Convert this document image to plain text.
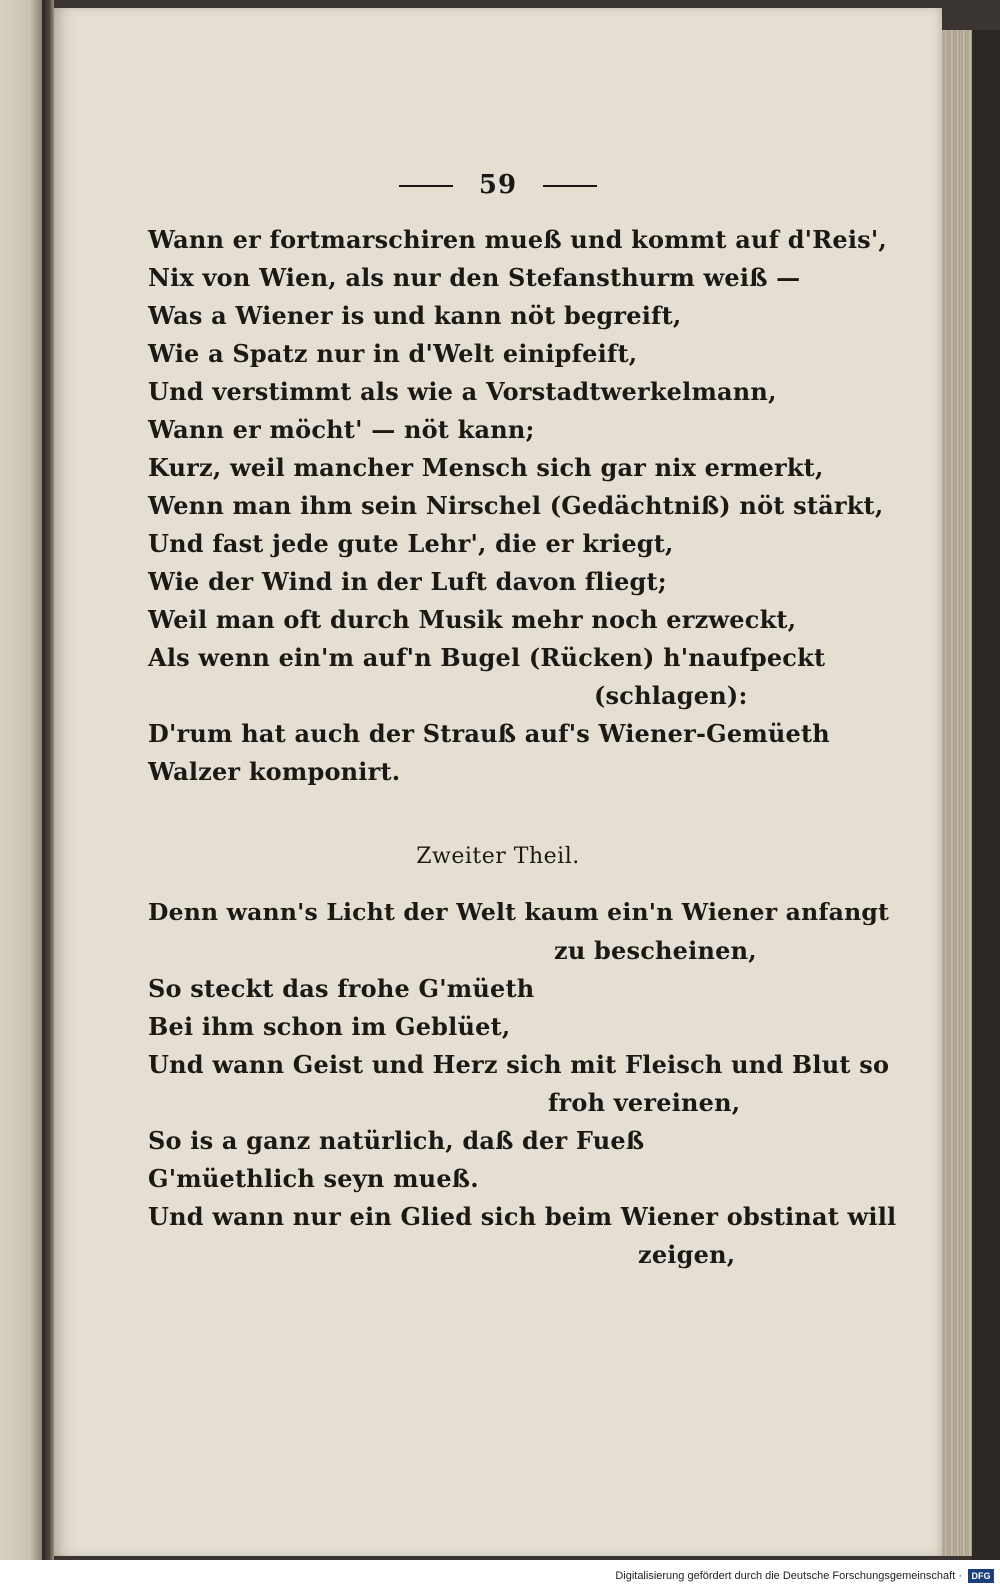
59
Wann er fortmarschiren mueß und kommt auf d'Reis',
Nix von Wien, als nur den Stefansthurm weiß —
Was a Wiener is und kann nöt begreift,
Wie a Spatz nur in d'Welt einipfeift,
Und verstimmt als wie a Vorstadtwerkelmann,
Wann er möcht' — nöt kann;
Kurz, weil mancher Mensch sich gar nix ermerkt,
Wenn man ihm sein Nirschel (Gedächtniß) nöt stärkt,
Und fast jede gute Lehr', die er kriegt,
Wie der Wind in der Luft davon fliegt;
Weil man oft durch Musik mehr noch erzweckt,
Als wenn ein'm auf'n Bugel (Rücken) h'naufpeckt
(schlagen):
D'rum hat auch der Strauß auf's Wiener-Gemüeth
Walzer komponirt.
Zweiter Theil.
Denn wann's Licht der Welt kaum ein'n Wiener anfangt
zu bescheinen,
So steckt das frohe G'müeth
Bei ihm schon im Geblüet,
Und wann Geist und Herz sich mit Fleisch und Blut so
froh vereinen,
So is a ganz natürlich, daß der Fueß
G'müethlich seyn mueß.
Und wann nur ein Glied sich beim Wiener obstinat will
zeigen,
Digitalisierung gefördert durch die Deutsche Forschungsgemeinschaft ·	DFG
